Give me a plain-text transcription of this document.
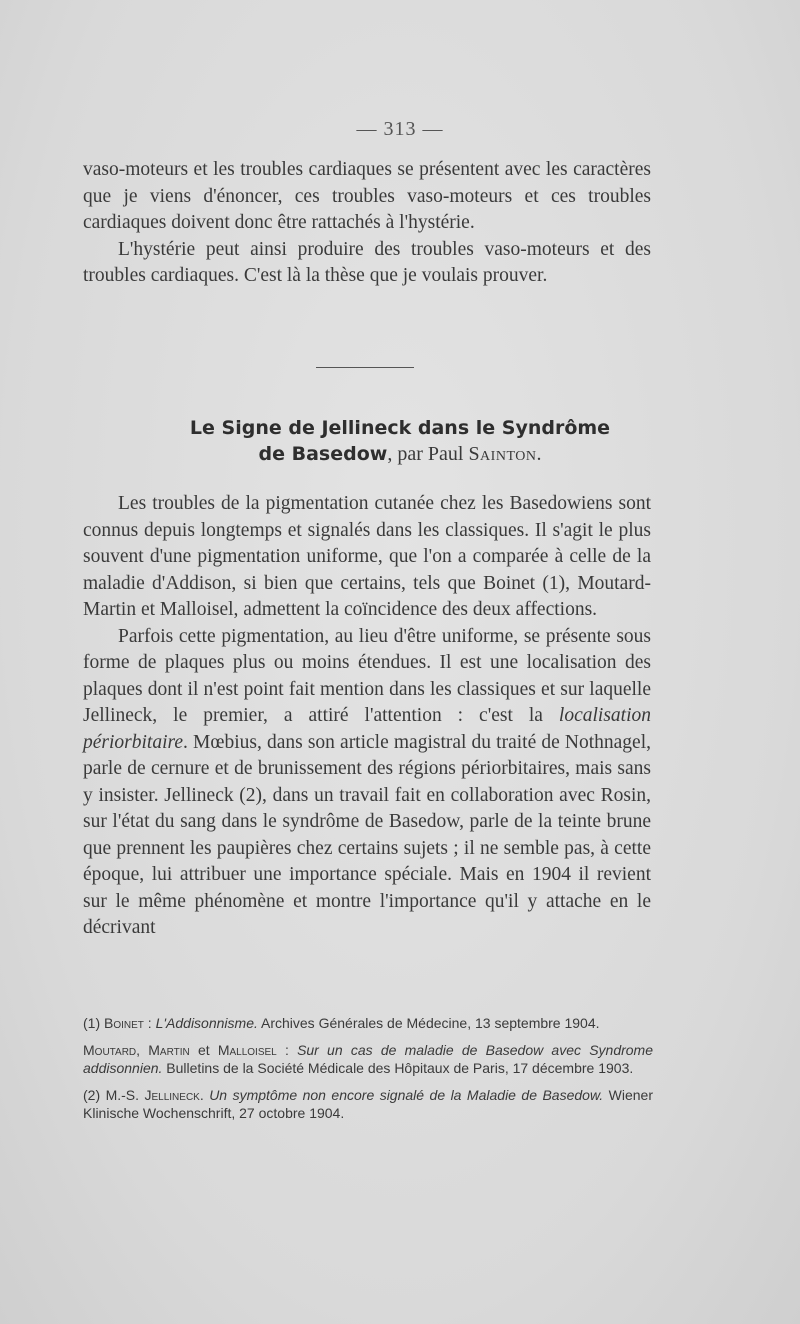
— 313 —

vaso-moteurs et les troubles cardiaques se présentent avec les caractères que je viens d'énoncer, ces troubles vaso-moteurs et ces troubles cardiaques doivent donc être rattachés à l'hystérie.

L'hystérie peut ainsi produire des troubles vaso-moteurs et des troubles cardiaques. C'est là la thèse que je voulais prouver.

Le Signe de Jellineck dans le Syndrôme
de Basedow, par Paul Sainton.

Les troubles de la pigmentation cutanée chez les Basedowiens sont connus depuis longtemps et signalés dans les classiques. Il s'agit le plus souvent d'une pigmentation uniforme, que l'on a comparée à celle de la maladie d'Addison, si bien que certains, tels que Boinet (1), Moutard-Martin et Malloisel, admettent la coïncidence des deux affections.

Parfois cette pigmentation, au lieu d'être uniforme, se présente sous forme de plaques plus ou moins étendues. Il est une localisation des plaques dont il n'est point fait mention dans les classiques et sur laquelle Jellineck, le premier, a attiré l'attention : c'est la localisation périorbitaire. Mœbius, dans son article magistral du traité de Nothnagel, parle de cernure et de brunissement des régions périorbitaires, mais sans y insister. Jellineck (2), dans un travail fait en collaboration avec Rosin, sur l'état du sang dans le syndrôme de Basedow, parle de la teinte brune que prennent les paupières chez certains sujets ; il ne semble pas, à cette époque, lui attribuer une importance spéciale. Mais en 1904 il revient sur le même phénomène et montre l'importance qu'il y attache en le décrivant

(1) Boinet : L'Addisonnisme. Archives Générales de Médecine, 13 septembre 1904.

Moutard, Martin et Malloisel : Sur un cas de maladie de Basedow avec Syndrome addisonnien. Bulletins de la Société Médicale des Hôpitaux de Paris, 17 décembre 1903.

(2) M.-S. Jellineck. Un symptôme non encore signalé de la Maladie de Basedow. Wiener Klinische Wochenschrift, 27 octobre 1904.
